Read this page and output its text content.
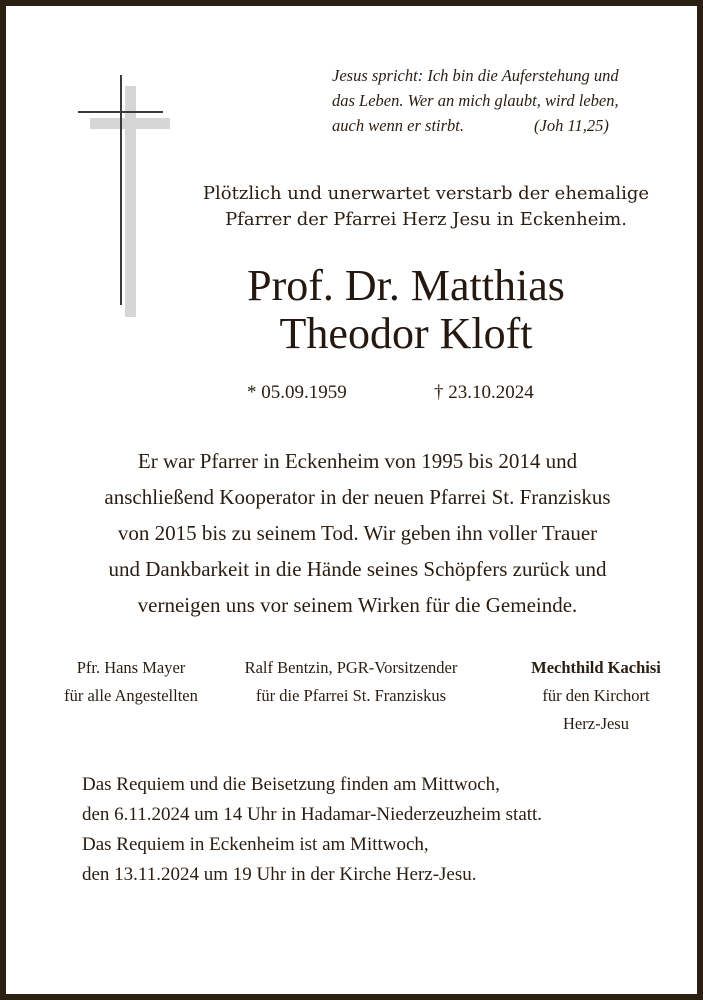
Jesus spricht: Ich bin die Auferstehung und
das Leben. Wer an mich glaubt, wird leben,
auch wenn er stirbt.	(Joh 11,25)
Plötzlich und unerwartet verstarb der ehemalige
Pfarrer der Pfarrei Herz Jesu in Eckenheim.
Prof. Dr. Matthias
Theodor Kloft
* 05.09.1959	† 23.10.2024
Er war Pfarrer in Eckenheim von 1995 bis 2014 und
anschließend Kooperator in der neuen Pfarrei St. Franziskus
von 2015 bis zu seinem Tod. Wir geben ihn voller Trauer
und Dankbarkeit in die Hände seines Schöpfers zurück und
verneigen uns vor seinem Wirken für die Gemeinde.
Pfr. Hans Mayer
für alle Angestellten
Ralf Bentzin, PGR-Vorsitzender
für die Pfarrei St. Franziskus
Mechthild Kachisi
für den Kirchort
Herz-Jesu
Das Requiem und die Beisetzung finden am Mittwoch,
den 6.11.2024 um 14 Uhr in Hadamar-Niederzeuzheim statt.
Das Requiem in Eckenheim ist am Mittwoch,
den 13.11.2024 um 19 Uhr in der Kirche Herz-Jesu.
